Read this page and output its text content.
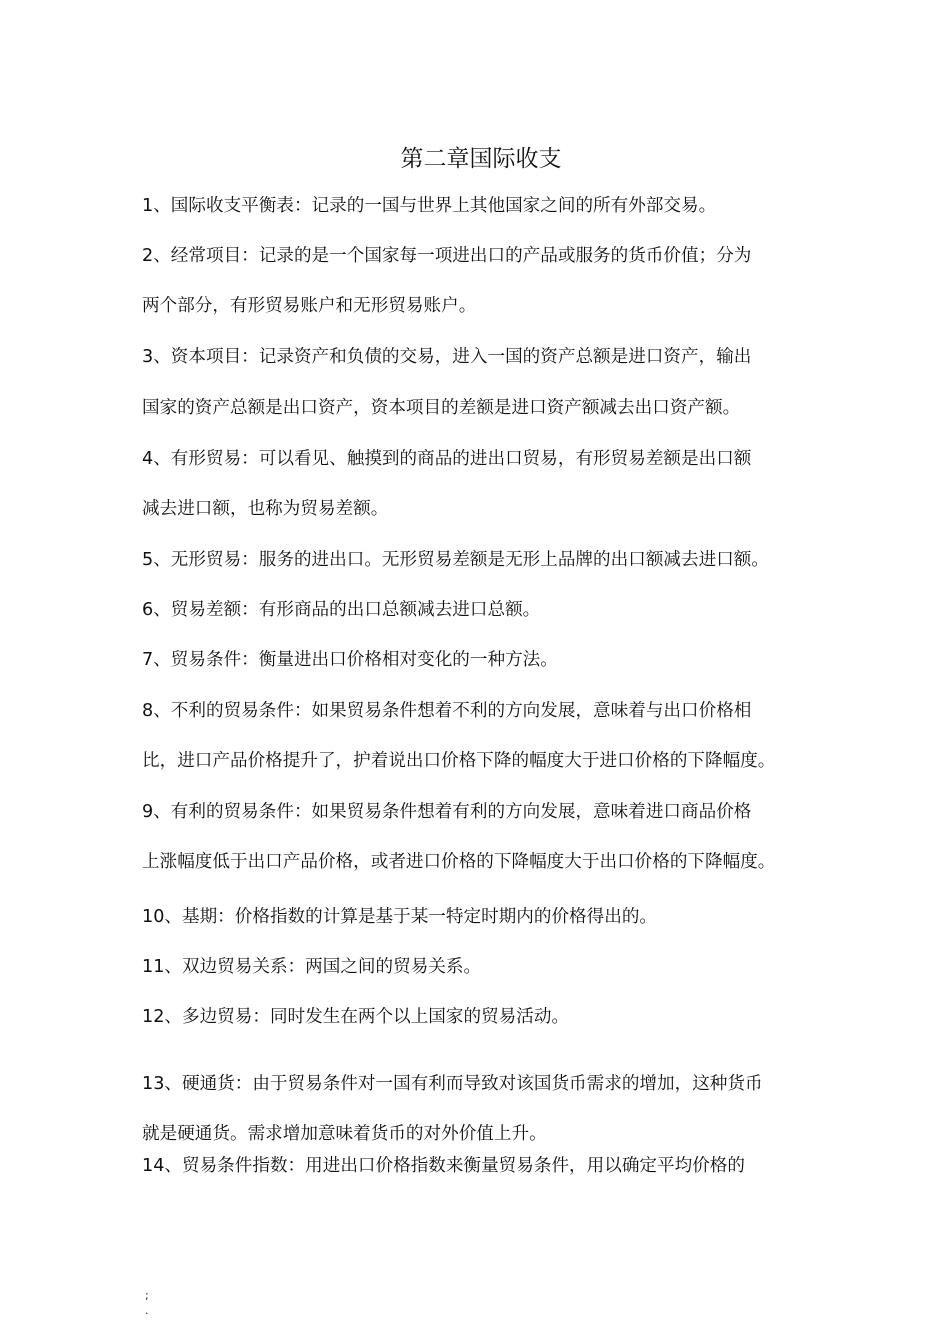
第二章国际收支
1、国际收支平衡表：记录的一国与世界上其他国家之间的所有外部交易。
2、经常项目：记录的是一个国家每一项进出口的产品或服务的货币价值；分为
两个部分，有形贸易账户和无形贸易账户。
3、资本项目：记录资产和负债的交易，进入一国的资产总额是进口资产，输出
国家的资产总额是出口资产，资本项目的差额是进口资产额减去出口资产额。
4、有形贸易：可以看见、触摸到的商品的进出口贸易，有形贸易差额是出口额
减去进口额，也称为贸易差额。
5、无形贸易：服务的进出口。无形贸易差额是无形上品牌的出口额减去进口额。
6、贸易差额：有形商品的出口总额减去进口总额。
7、贸易条件：衡量进出口价格相对变化的一种方法。
8、不利的贸易条件：如果贸易条件想着不利的方向发展，意味着与出口价格相
比，进口产品价格提升了，护着说出口价格下降的幅度大于进口价格的下降幅度。
9、有利的贸易条件：如果贸易条件想着有利的方向发展，意味着进口商品价格
上涨幅度低于出口产品价格，或者进口价格的下降幅度大于出口价格的下降幅度。
10、基期：价格指数的计算是基于某一特定时期内的价格得出的。
11、双边贸易关系：两国之间的贸易关系。
12、多边贸易：同时发生在两个以上国家的贸易活动。
13、硬通货：由于贸易条件对一国有利而导致对该国货币需求的增加，这种货币
就是硬通货。需求增加意味着货币的对外价值上升。
14、贸易条件指数：用进出口价格指数来衡量贸易条件，用以确定平均价格的
;
.
